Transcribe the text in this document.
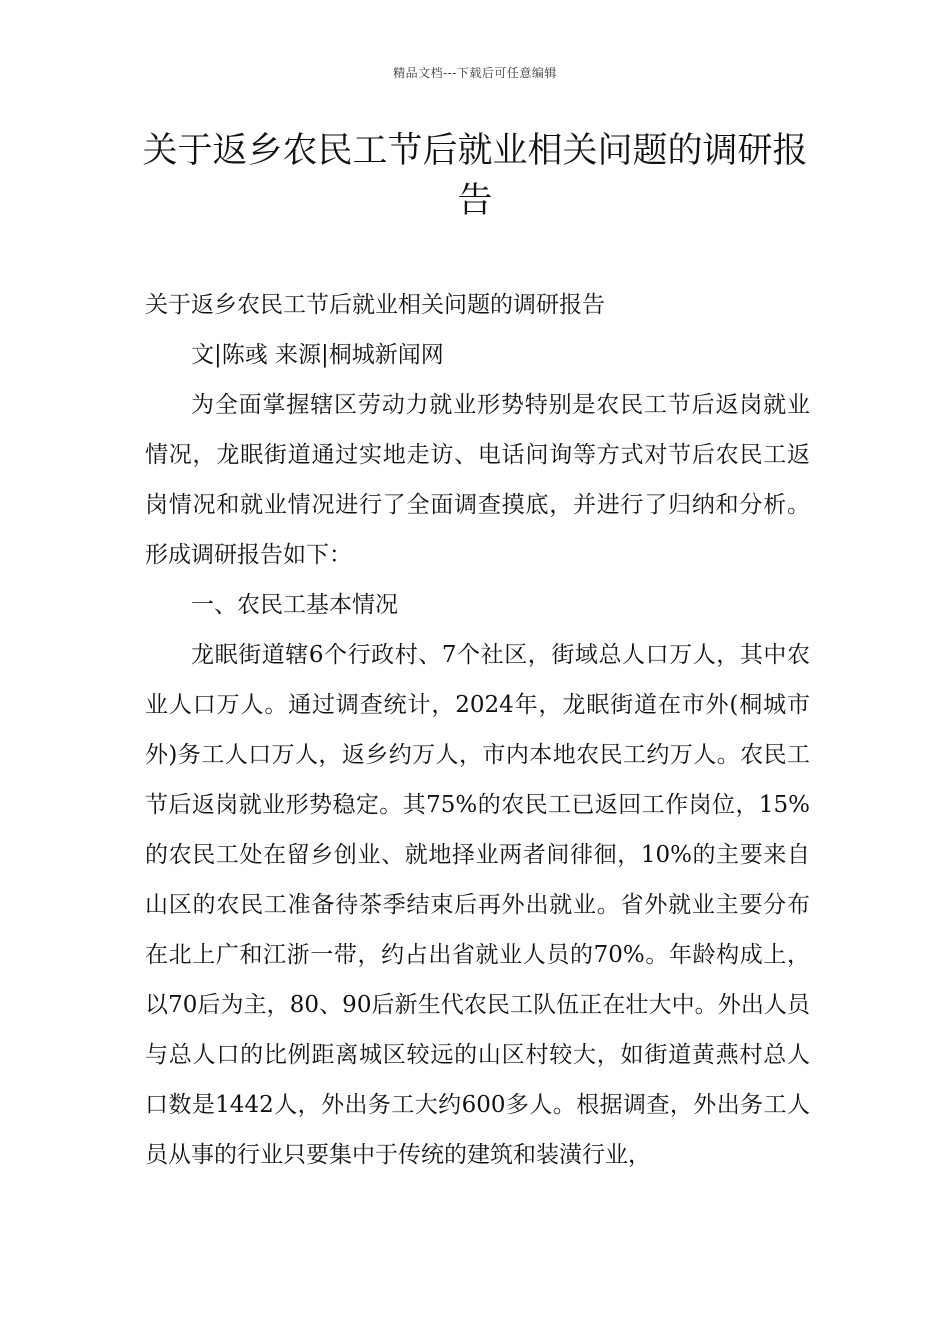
精品文档---下载后可任意编辑
关于返乡农民工节后就业相关问题的调研报告

关于返乡农民工节后就业相关问题的调研报告

文|陈彧 来源|桐城新闻网

为全面掌握辖区劳动力就业形势特别是农民工节后返岗就业情况，龙眠街道通过实地走访、电话问询等方式对节后农民工返岗情况和就业情况进行了全面调查摸底，并进行了归纳和分析。形成调研报告如下：

一、农民工基本情况

龙眠街道辖6个行政村、7个社区，街域总人口万人，其中农业人口万人。通过调查统计，2024年，龙眠街道在市外(桐城市外)务工人口万人，返乡约万人，市内本地农民工约万人。农民工节后返岗就业形势稳定。其75%的农民工已返回工作岗位，15%的农民工处在留乡创业、就地择业两者间徘徊，10%的主要来自山区的农民工准备待茶季结束后再外出就业。省外就业主要分布在北上广和江浙一带，约占出省就业人员的70%。年龄构成上，以70后为主，80、90后新生代农民工队伍正在壮大中。外出人员与总人口的比例距离城区较远的山区村较大，如街道黄燕村总人口数是1442人，外出务工大约600多人。根据调查，外出务工人员从事的行业只要集中于传统的建筑和装潢行业，
